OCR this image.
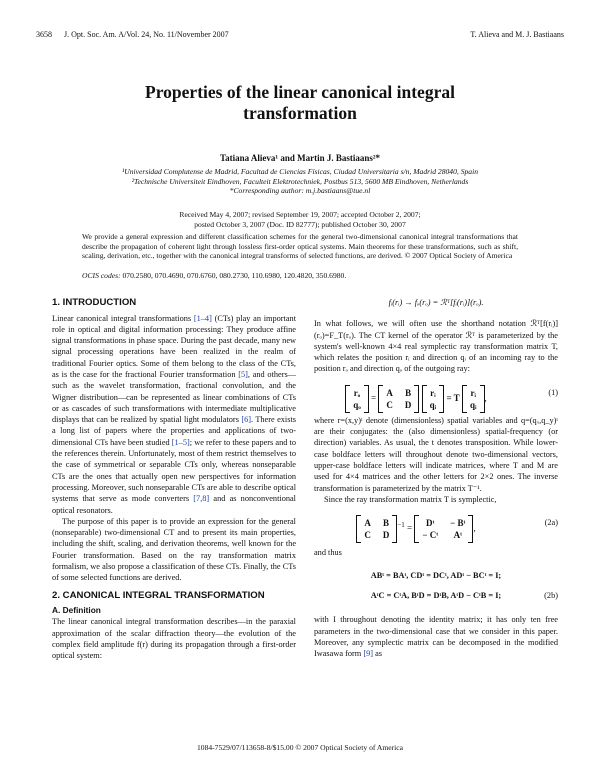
3658 J. Opt. Soc. Am. A/Vol. 24, No. 11/November 2007	T. Alieva and M. J. Bastiaans
Properties of the linear canonical integral
transformation
Tatiana Alieva¹ and Martin J. Bastiaans²*
¹Universidad Complutense de Madrid, Facultad de Ciencias Físicas, Ciudad Universitaria s/n, Madrid 28040, Spain
²Technische Universiteit Eindhoven, Faculteit Elektrotechniek, Postbus 513, 5600 MB Eindhoven, Netherlands
*Corresponding author: m.j.bastiaans@tue.nl
Received May 4, 2007; revised September 19, 2007; accepted October 2, 2007;
posted October 3, 2007 (Doc. ID 82777); published October 30, 2007
We provide a general expression and different classification schemes for the general two-dimensional canonical integral transformations that describe the propagation of coherent light through lossless first-order optical systems. Main theorems for these transformations, such as shift, scaling, derivation, etc., together with the canonical integral transforms of selected functions, are derived. © 2007 Optical Society of America
OCIS codes: 070.2580, 070.4690, 070.6760, 080.2730, 110.6980, 120.4820, 350.6980.
1. INTRODUCTION

Linear canonical integral transformations [1–4] (CTs) play an important role in optical and digital information processing: They produce affine signal transformations in phase space. During the past decade, many new signal processing operations have been realized in the realm of traditional Fourier optics. Some of them belong to the class of the CTs, as is the case for the fractional Fourier transformation [5], and others—such as the wavelet transformation, fractional convolution, and the Wigner distribution—can be represented as linear combinations of CTs or as cascades of such transformations with intermediate multiplicative displays that can be realized by spatial light modulators [6]. There exists a long list of papers where the properties and applications of two-dimensional CTs have been studied [1–5]; we refer to these papers and to the references therein. Unfortunately, most of them restrict themselves to the case of symmetrical or separable CTs only, whereas nonseparable CTs are the ones that actually open new perspectives for information processing. Moreover, such nonseparable CTs are able to describe optical systems that serve as mode converters [7,8] and as nonconventional optical resonators.

The purpose of this paper is to provide an expression for the general (nonseparable) two-dimensional CT and to present its main properties, including the shift, scaling, and derivation theorems, well known for the Fourier transformation. Based on the ray transformation matrix formalism, we also propose a classification of these CTs. Finally, the CTs of some selected functions are derived.

2. CANONICAL INTEGRAL TRANSFORMATION
A. Definition

The linear canonical integral transformation describes—in the paraxial approximation of the scalar diffraction theory—the evolution of the complex field amplitude f(r) during its propagation through a first-order optical system:

fᵢ(rᵢ) → fₒ(rₒ) = ℛᵀ[fᵢ(rᵢ)](rₒ).

In what follows, we will often use the shorthand notation ℛᵀ[f(rᵢ)](rₒ)=F_T(rₒ). The CT kernel of the operator ℛᵀ is parameterized by the system's well-known 4×4 real symplectic ray transformation matrix T, which relates the position rᵢ and direction qᵢ of an incoming ray to the position rₒ and direction qₒ of the outgoing ray:

rₒ
qₒ
=
A B
C D

rᵢ
qᵢ
= T
rᵢ
qᵢ
,
(1)

where r=(x,y)ᵗ denote (dimensionless) spatial variables and q=(qₓ,q_y)ᵗ are their conjugates: the (also dimensionless) spatial-frequency (or direction) variables. As usual, the t denotes transposition. While lower-case boldface letters will throughout denote two-dimensional vectors, upper-case boldface letters will indicate matrices, where T and M are used for 4×4 matrices and the other letters for 2×2 ones. The inverse transformation is parameterized by the matrix T⁻¹.

Since the ray transformation matrix T is symplectic,

A B
C D
$^{-1}$ =
Dᵗ	− Bᵗ
− Cᵗ	Aᵗ
,
(2a)

and thus

ABᵗ = BAᵗ, CDᵗ = DCᵗ, ADᵗ − BCᵗ = I;
AᵗC = CᵗA, BᵗD = DᵗB, AᵗD − CᵗB = I;	(2b)

with I throughout denoting the identity matrix; it has only ten free parameters in the two-dimensional case that we consider in this paper. Moreover, any symplectic matrix can be decomposed in the modified Iwasawa form [9] as

1084-7529/07/113658-8/$15.00 © 2007 Optical Society of America
